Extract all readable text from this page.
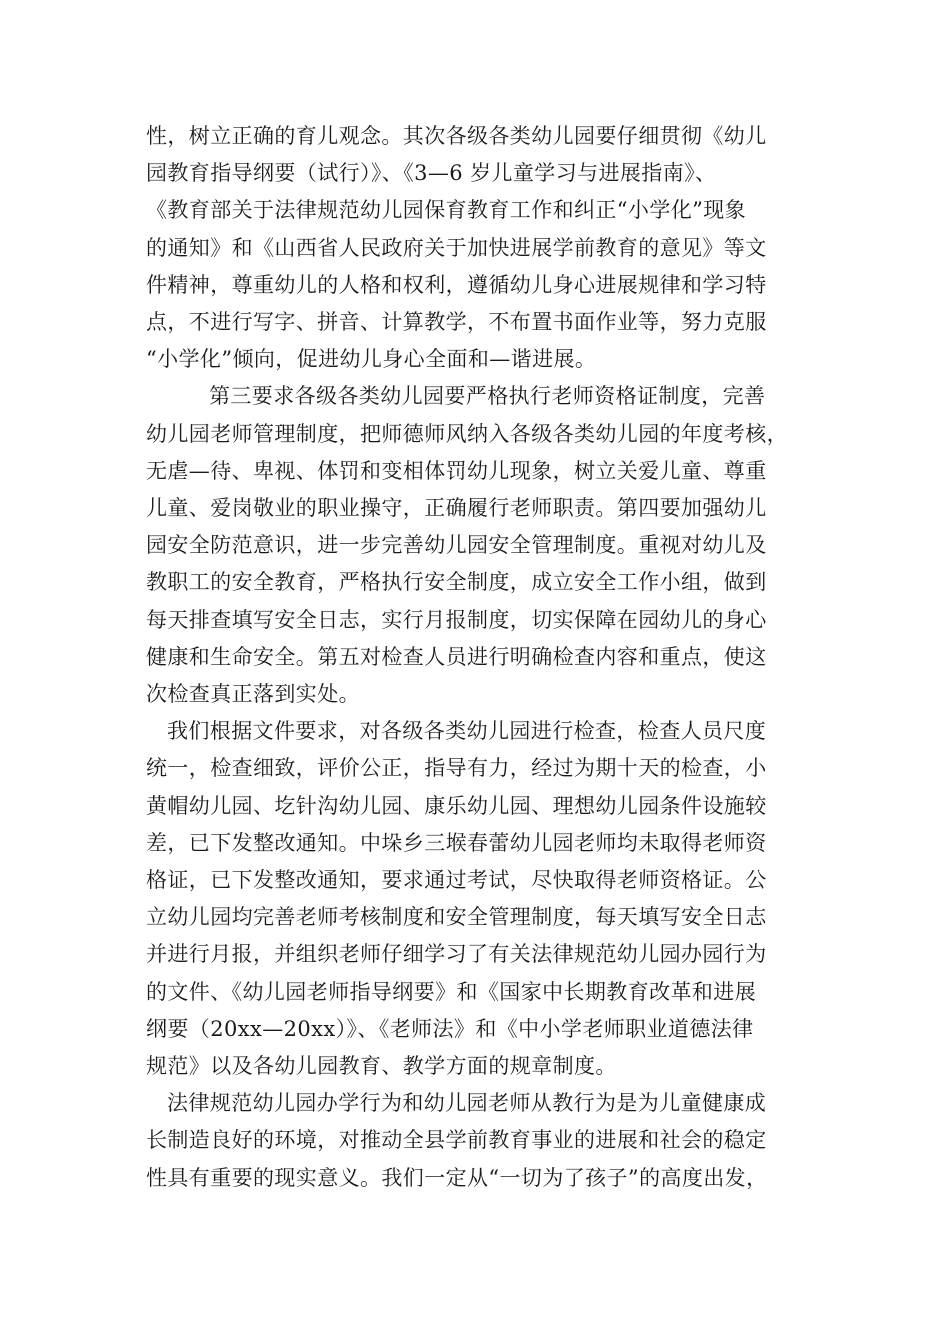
性，树立正确的育儿观念。其次各级各类幼儿园要仔细贯彻《幼儿
园教育指导纲要（试行）》、《3—6 岁儿童学习与进展指南》、
《教育部关于法律规范幼儿园保育教育工作和纠正“小学化”现象
的通知》和《山西省人民政府关于加快进展学前教育的意见》等文
件精神，尊重幼儿的人格和权利，遵循幼儿身心进展规律和学习特
点，不进行写字、拼音、计算教学，不布置书面作业等，努力克服
“小学化”倾向，促进幼儿身心全面和—谐进展。
第三要求各级各类幼儿园要严格执行老师资格证制度，完善
幼儿园老师管理制度，把师德师风纳入各级各类幼儿园的年度考核，
无虐—待、卑视、体罚和变相体罚幼儿现象，树立关爱儿童、尊重
儿童、爱岗敬业的职业操守，正确履行老师职责。第四要加强幼儿
园安全防范意识，进一步完善幼儿园安全管理制度。重视对幼儿及
教职工的安全教育，严格执行安全制度，成立安全工作小组，做到
每天排查填写安全日志，实行月报制度，切实保障在园幼儿的身心
健康和生命安全。第五对检查人员进行明确检查内容和重点，使这
次检查真正落到实处。
我们根据文件要求，对各级各类幼儿园进行检查，检查人员尺度
统一，检查细致，评价公正，指导有力，经过为期十天的检查，小
黄帽幼儿园、圪针沟幼儿园、康乐幼儿园、理想幼儿园条件设施较
差，已下发整改通知。中垛乡三堠春蕾幼儿园老师均未取得老师资
格证，已下发整改通知，要求通过考试，尽快取得老师资格证。公
立幼儿园均完善老师考核制度和安全管理制度，每天填写安全日志
并进行月报，并组织老师仔细学习了有关法律规范幼儿园办园行为
的文件、《幼儿园老师指导纲要》和《国家中长期教育改革和进展
纲要（20xx—20xx）》、《老师法》和《中小学老师职业道德法律
规范》以及各幼儿园教育、教学方面的规章制度。
法律规范幼儿园办学行为和幼儿园老师从教行为是为儿童健康成
长制造良好的环境，对推动全县学前教育事业的进展和社会的稳定
性具有重要的现实意义。我们一定从“一切为了孩子”的高度出发，
